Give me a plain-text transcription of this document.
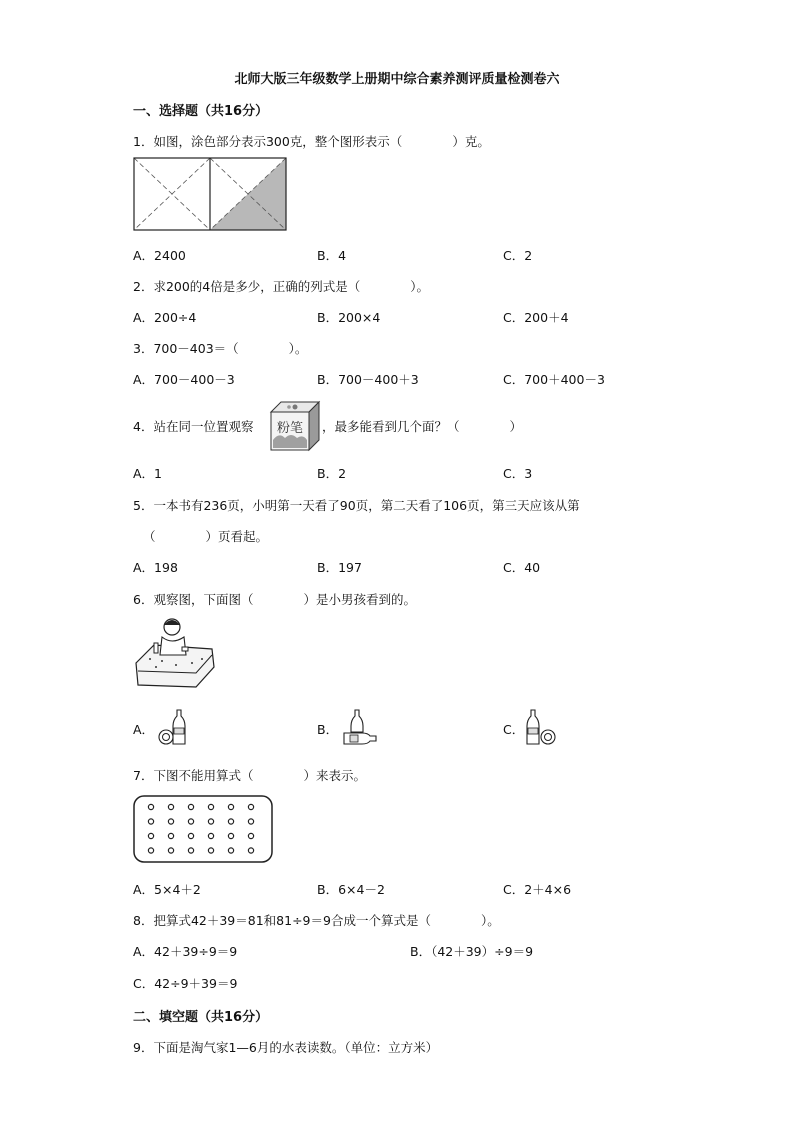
北师大版三年级数学上册期中综合素养测评质量检测卷六
一、选择题（共16分）
1．如图，涂色部分表示300克，整个图形表示（　　　　）克。
A．2400	B．4	C．2
2．求200的4倍是多少，正确的列式是（　　　　）。
A．200÷4	B．200×4	C．200＋4
3．700－403＝（　　　　）。
A．700－400－3	B．700－400＋3	C．700＋400－3
4．站在同一位置观察 粉笔 ，最多能看到几个面？（　　　　）
A．1	B．2	C．3
5．一本书有236页，小明第一天看了90页，第二天看了106页，第三天应该从第
（　　　　）页看起。
A．198	B．197	C．40
6．观察图，下面图（　　　　）是小男孩看到的。
A．	B．	C．
7．下图不能用算式（　　　　）来表示。
A．5×4＋2	B．6×4－2	C．2＋4×6
8．把算式42＋39＝81和81÷9＝9合成一个算式是（　　　　）。
A．42＋39÷9＝9	B．（42＋39）÷9＝9
C．42÷9＋39＝9
二、填空题（共16分）
9．下面是淘气家1—6月的水表读数。（单位：立方米）
